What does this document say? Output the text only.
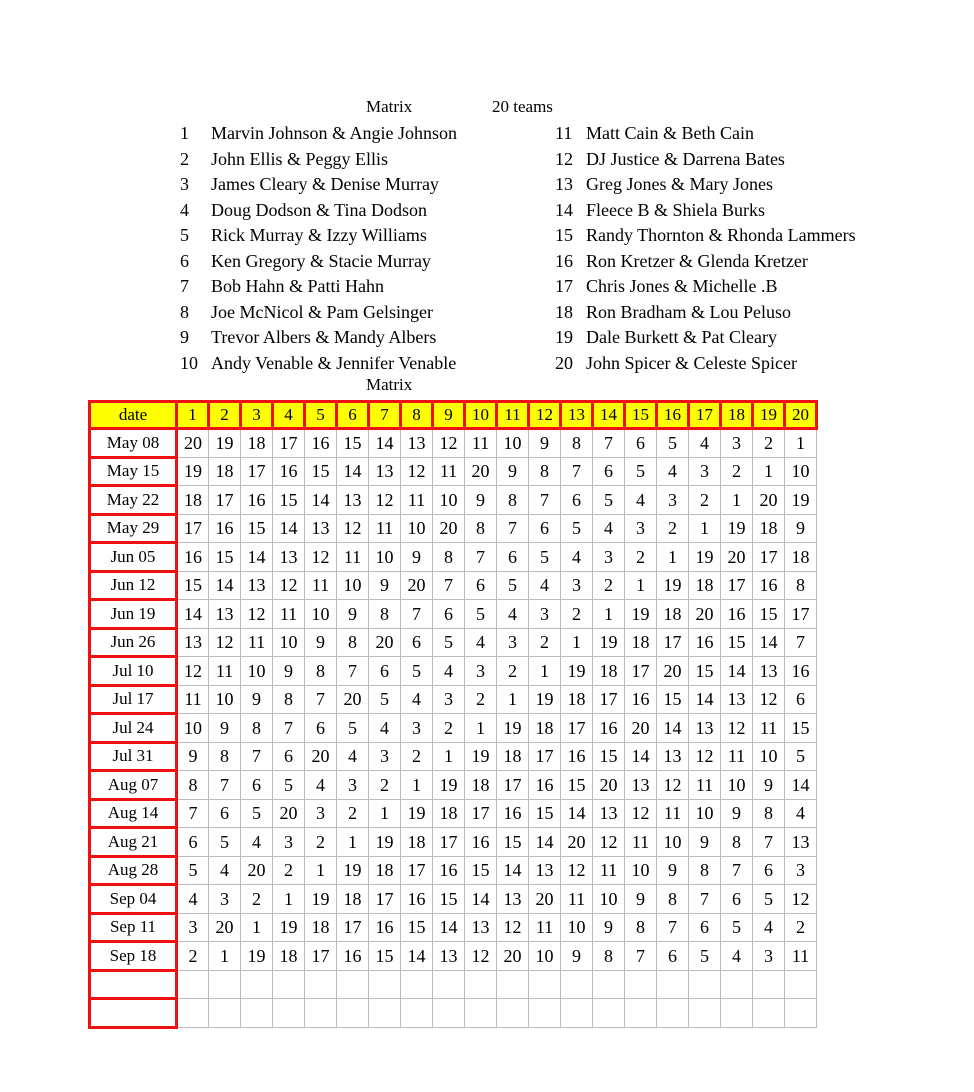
Matrix	20 teams
1 Marvin Johnson & Angie Johnson
2 John Ellis & Peggy Ellis
3 James Cleary & Denise Murray
4 Doug Dodson & Tina Dodson
5 Rick Murray & Izzy Williams
6 Ken Gregory & Stacie Murray
7 Bob Hahn & Patti Hahn
8 Joe McNicol & Pam Gelsinger
9 Trevor Albers & Mandy Albers
10 Andy Venable & Jennifer Venable
11 Matt Cain & Beth Cain
12 DJ Justice & Darrena Bates
13 Greg Jones & Mary Jones
14 Fleece B & Shiela Burks
15 Randy Thornton & Rhonda Lammers
16 Ron Kretzer & Glenda Kretzer
17 Chris Jones & Michelle .B
18 Ron Bradham & Lou Peluso
19 Dale Burkett & Pat Cleary
20 John Spicer & Celeste Spicer
Matrix
date	1	2	3	4	5	6	7	8	9	10	11	12	13	14	15	16	17	18	19	20
May 08	20	19	18	17	16	15	14	13	12	11	10	9	8	7	6	5	4	3	2	1
May 15	19	18	17	16	15	14	13	12	11	20	9	8	7	6	5	4	3	2	1	10
May 22	18	17	16	15	14	13	12	11	10	9	8	7	6	5	4	3	2	1	20	19
May 29	17	16	15	14	13	12	11	10	20	8	7	6	5	4	3	2	1	19	18	9
Jun 05	16	15	14	13	12	11	10	9	8	7	6	5	4	3	2	1	19	20	17	18
Jun 12	15	14	13	12	11	10	9	20	7	6	5	4	3	2	1	19	18	17	16	8
Jun 19	14	13	12	11	10	9	8	7	6	5	4	3	2	1	19	18	20	16	15	17
Jun 26	13	12	11	10	9	8	20	6	5	4	3	2	1	19	18	17	16	15	14	7
Jul 10	12	11	10	9	8	7	6	5	4	3	2	1	19	18	17	20	15	14	13	16
Jul 17	11	10	9	8	7	20	5	4	3	2	1	19	18	17	16	15	14	13	12	6
Jul 24	10	9	8	7	6	5	4	3	2	1	19	18	17	16	20	14	13	12	11	15
Jul 31	9	8	7	6	20	4	3	2	1	19	18	17	16	15	14	13	12	11	10	5
Aug 07	8	7	6	5	4	3	2	1	19	18	17	16	15	20	13	12	11	10	9	14
Aug 14	7	6	5	20	3	2	1	19	18	17	16	15	14	13	12	11	10	9	8	4
Aug 21	6	5	4	3	2	1	19	18	17	16	15	14	20	12	11	10	9	8	7	13
Aug 28	5	4	20	2	1	19	18	17	16	15	14	13	12	11	10	9	8	7	6	3
Sep 04	4	3	2	1	19	18	17	16	15	14	13	20	11	10	9	8	7	6	5	12
Sep 11	3	20	1	19	18	17	16	15	14	13	12	11	10	9	8	7	6	5	4	2
Sep 18	2	1	19	18	17	16	15	14	13	12	20	10	9	8	7	6	5	4	3	11
